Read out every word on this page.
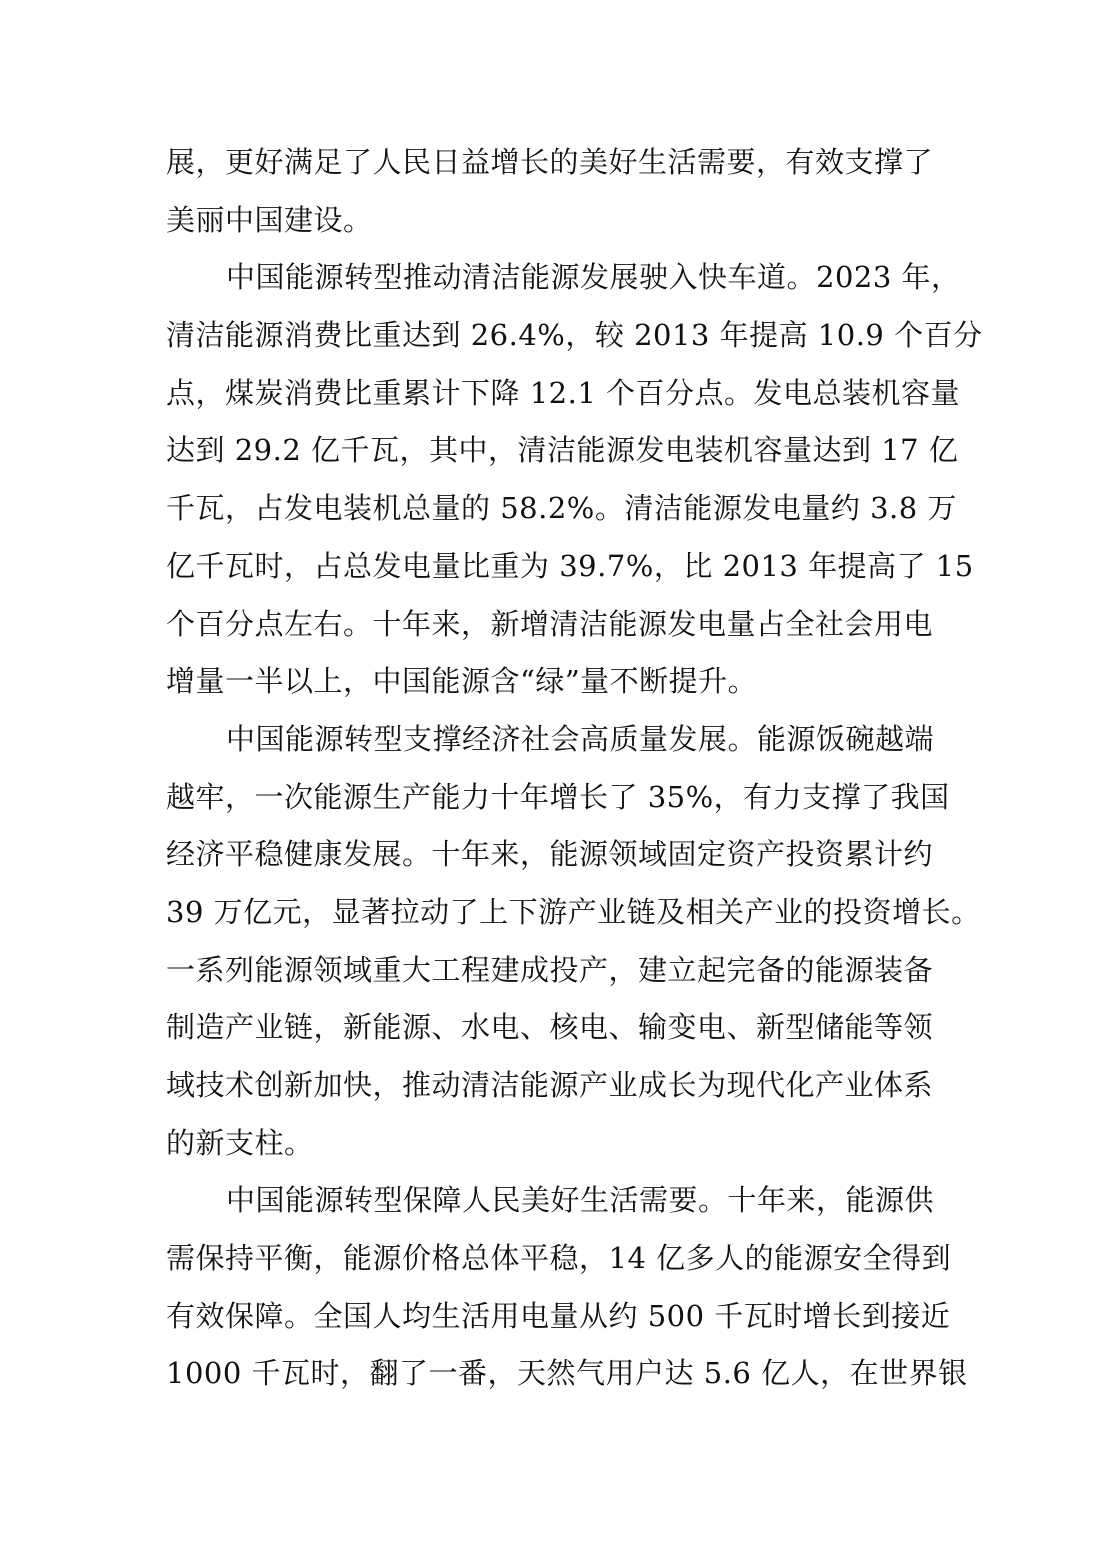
展，更好满足了人民日益增长的美好生活需要，有效支撑了
美丽中国建设。
中国能源转型推动清洁能源发展驶入快车道。2023 年，
清洁能源消费比重达到 26.4%，较 2013 年提高 10.9 个百分
点，煤炭消费比重累计下降 12.1 个百分点。发电总装机容量
达到 29.2 亿千瓦，其中，清洁能源发电装机容量达到 17 亿
千瓦，占发电装机总量的 58.2%。清洁能源发电量约 3.8 万
亿千瓦时，占总发电量比重为 39.7%，比 2013 年提高了 15
个百分点左右。十年来，新增清洁能源发电量占全社会用电
增量一半以上，中国能源含“绿”量不断提升。
中国能源转型支撑经济社会高质量发展。能源饭碗越端
越牢，一次能源生产能力十年增长了 35%，有力支撑了我国
经济平稳健康发展。十年来，能源领域固定资产投资累计约
39 万亿元，显著拉动了上下游产业链及相关产业的投资增长。
一系列能源领域重大工程建成投产，建立起完备的能源装备
制造产业链，新能源、水电、核电、输变电、新型储能等领
域技术创新加快，推动清洁能源产业成长为现代化产业体系
的新支柱。
中国能源转型保障人民美好生活需要。十年来，能源供
需保持平衡，能源价格总体平稳，14 亿多人的能源安全得到
有效保障。全国人均生活用电量从约 500 千瓦时增长到接近
1000 千瓦时，翻了一番，天然气用户达 5.6 亿人，在世界银
